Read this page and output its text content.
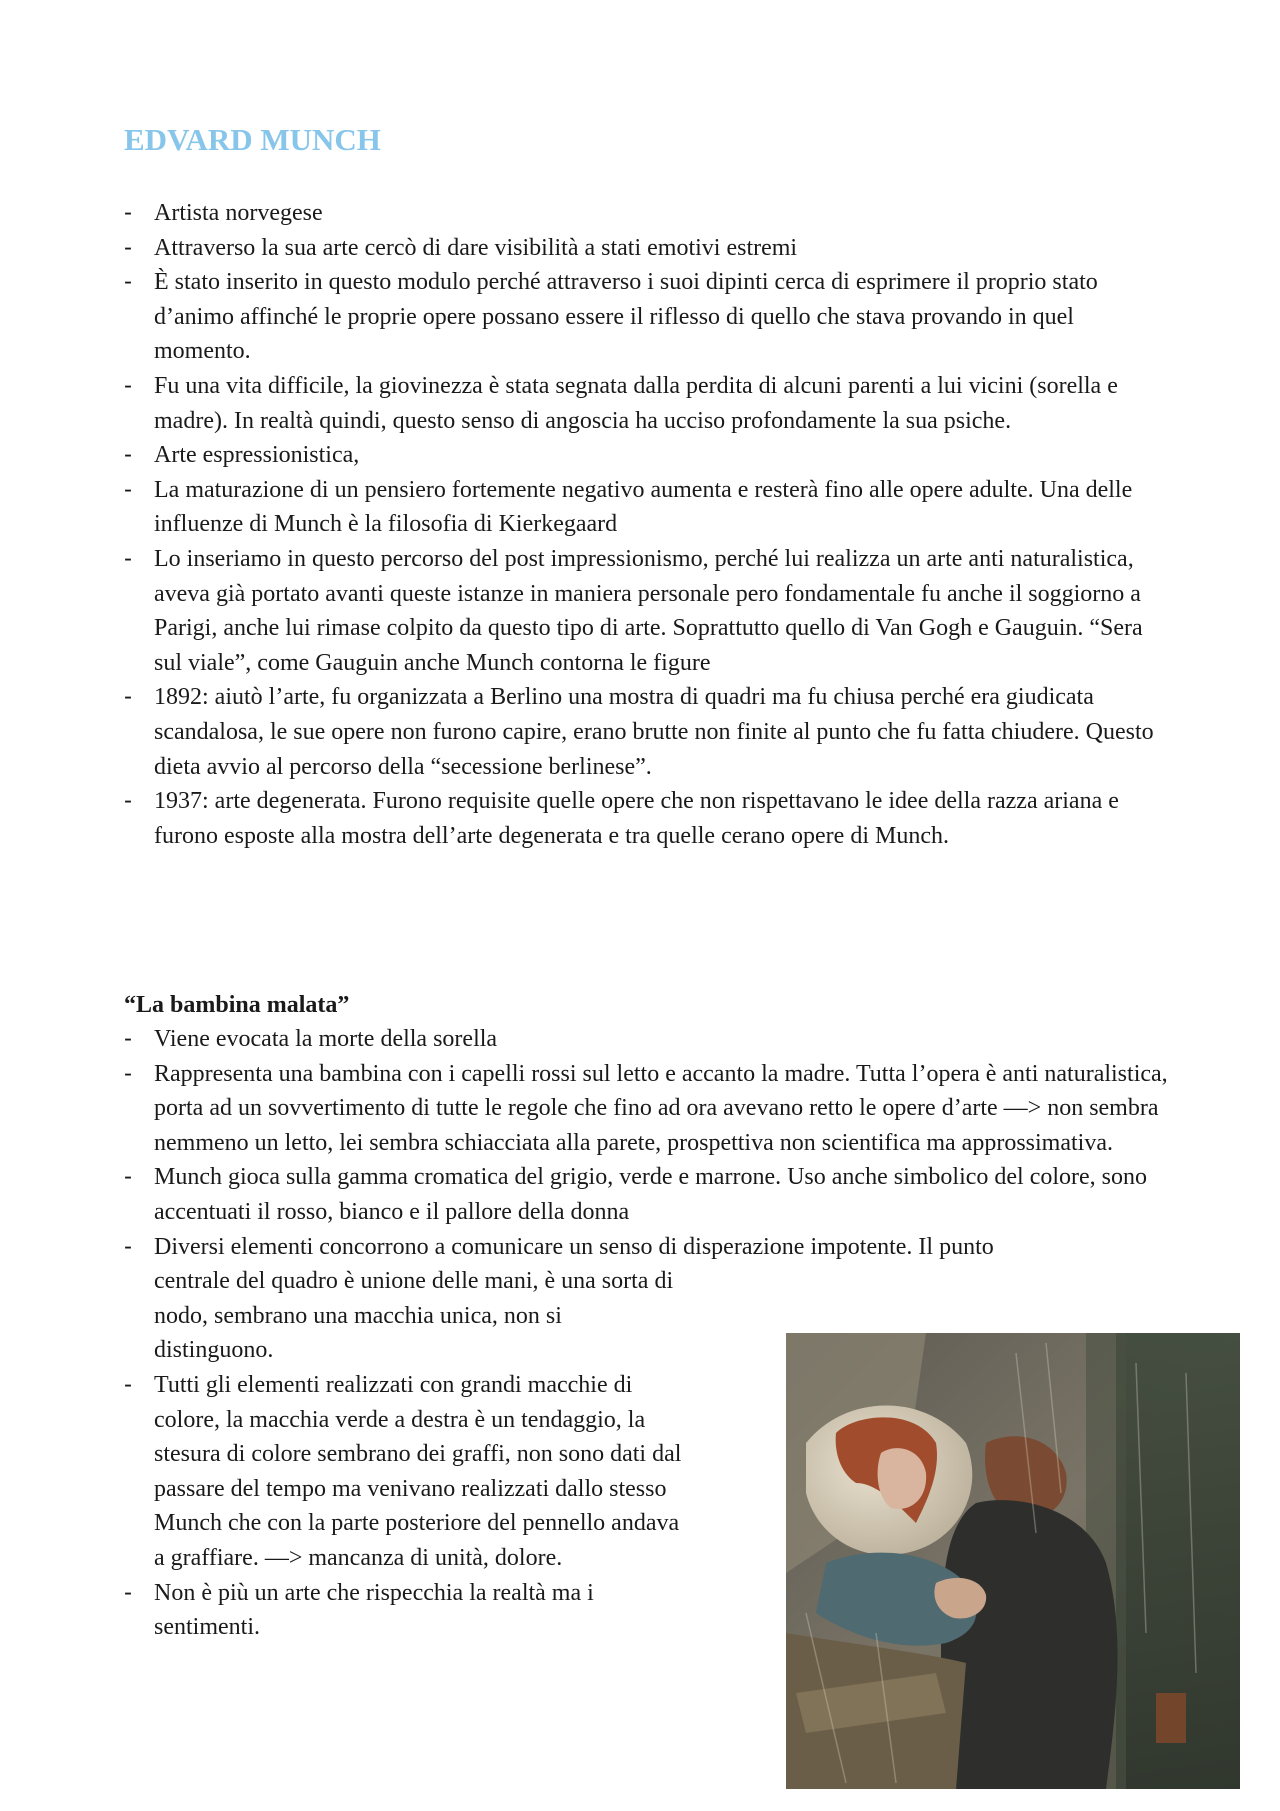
EDVARD MUNCH
- Artista norvegese
- Attraverso la sua arte cercò di dare visibilità a stati emotivi estremi
- È stato inserito in questo modulo perché attraverso i suoi dipinti cerca di esprimere il proprio stato d’animo affinché le proprie opere possano essere il riflesso di quello che stava provando in quel momento.
- Fu una vita difficile, la giovinezza è stata segnata dalla perdita di alcuni parenti a lui vicini (sorella e madre). In realtà quindi, questo senso di angoscia ha ucciso profondamente la sua psiche.
- Arte espressionistica,
- La maturazione di un pensiero fortemente negativo aumenta e resterà fino alle opere adulte. Una delle influenze di Munch è la filosofia di Kierkegaard
- Lo inseriamo in questo percorso del post impressionismo, perché lui realizza un arte anti naturalistica, aveva già portato avanti queste istanze in maniera personale pero fondamentale fu anche il soggiorno a Parigi, anche lui rimase colpito da questo tipo di arte. Soprattutto quello di Van Gogh e Gauguin. “Sera sul viale”, come Gauguin anche Munch contorna le figure
- 1892: aiutò l’arte, fu organizzata a Berlino una mostra di quadri ma fu chiusa perché era giudicata scandalosa, le sue opere non furono capire, erano brutte non finite al punto che fu fatta chiudere. Questo dieta avvio al percorso della “secessione berlinese”.
- 1937: arte degenerata. Furono requisite quelle opere che non rispettavano le idee della razza ariana e furono esposte alla mostra dell’arte degenerata e tra quelle cerano opere di Munch.
“La bambina malata”
- Viene evocata la morte della sorella
- Rappresenta una bambina con i capelli rossi sul letto e accanto la madre. Tutta l’opera è anti naturalistica, porta ad un sovvertimento di tutte le regole che fino ad ora avevano retto le opere d’arte —> non sembra nemmeno un letto, lei sembra schiacciata alla parete, prospettiva non scientifica ma approssimativa.
- Munch gioca sulla gamma cromatica del grigio, verde e marrone. Uso anche simbolico del colore, sono accentuati il rosso, bianco e il pallore della donna
- Diversi elementi concorrono a comunicare un senso di disperazione impotente. Il punto
centrale del quadro è unione delle mani, è una sorta di nodo, sembrano una macchia unica, non si distinguono.
- Tutti gli elementi realizzati con grandi macchie di colore, la macchia verde a destra è un tendaggio, la stesura di colore sembrano dei graffi, non sono dati dal passare del tempo ma venivano realizzati dallo stesso Munch che con la parte posteriore del pennello andava a graffiare. —> mancanza di unità, dolore.
- Non è più un arte che rispecchia la realtà ma i sentimenti.
